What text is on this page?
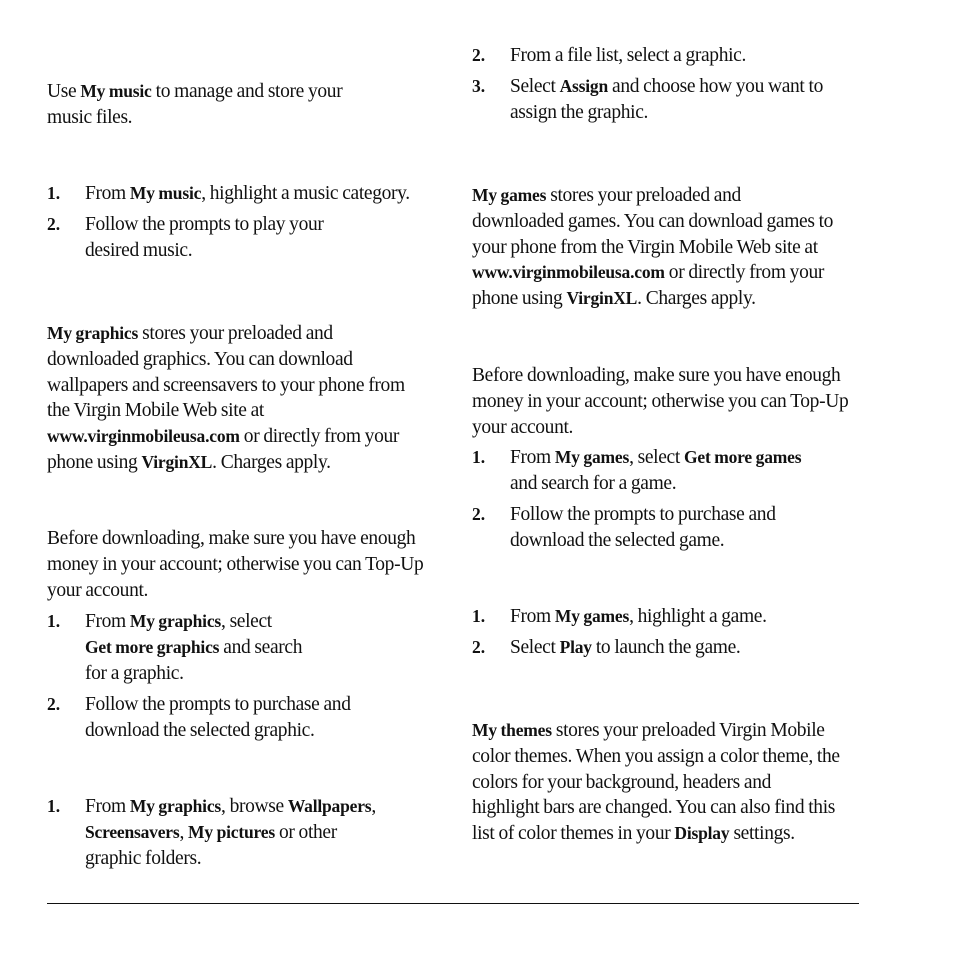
Use My music to manage and store your

music files.

1.	From My music, highlight a music category.

2.	Follow the prompts to play your

desired music.

My graphics stores your preloaded and

downloaded graphics. You can download

wallpapers and screensavers to your phone from

the Virgin Mobile Web site at

www.virginmobileusa.com or directly from your

phone using VirginXL. Charges apply.

Before downloading, make sure you have enough

money in your account; otherwise you can Top-Up

your account.

1.	From My graphics, select

Get more graphics and search

for a graphic.

2.	Follow the prompts to purchase and

download the selected graphic.

1.	From My graphics, browse Wallpapers,

Screensavers, My pictures or other

graphic folders.

2.	From a file list, select a graphic.

3.	Select Assign and choose how you want to

assign the graphic.

My games stores your preloaded and

downloaded games. You can download games to

your phone from the Virgin Mobile Web site at

www.virginmobileusa.com or directly from your

phone using VirginXL. Charges apply.

Before downloading, make sure you have enough

money in your account; otherwise you can Top-Up

your account.

1.	From My games, select Get more games

and search for a game.

2.	Follow the prompts to purchase and

download the selected game.

1.	From My games, highlight a game.

2.	Select Play to launch the game.

My themes stores your preloaded Virgin Mobile

color themes. When you assign a color theme, the

colors for your background, headers and

highlight bars are changed. You can also find this

list of color themes in your Display settings.
